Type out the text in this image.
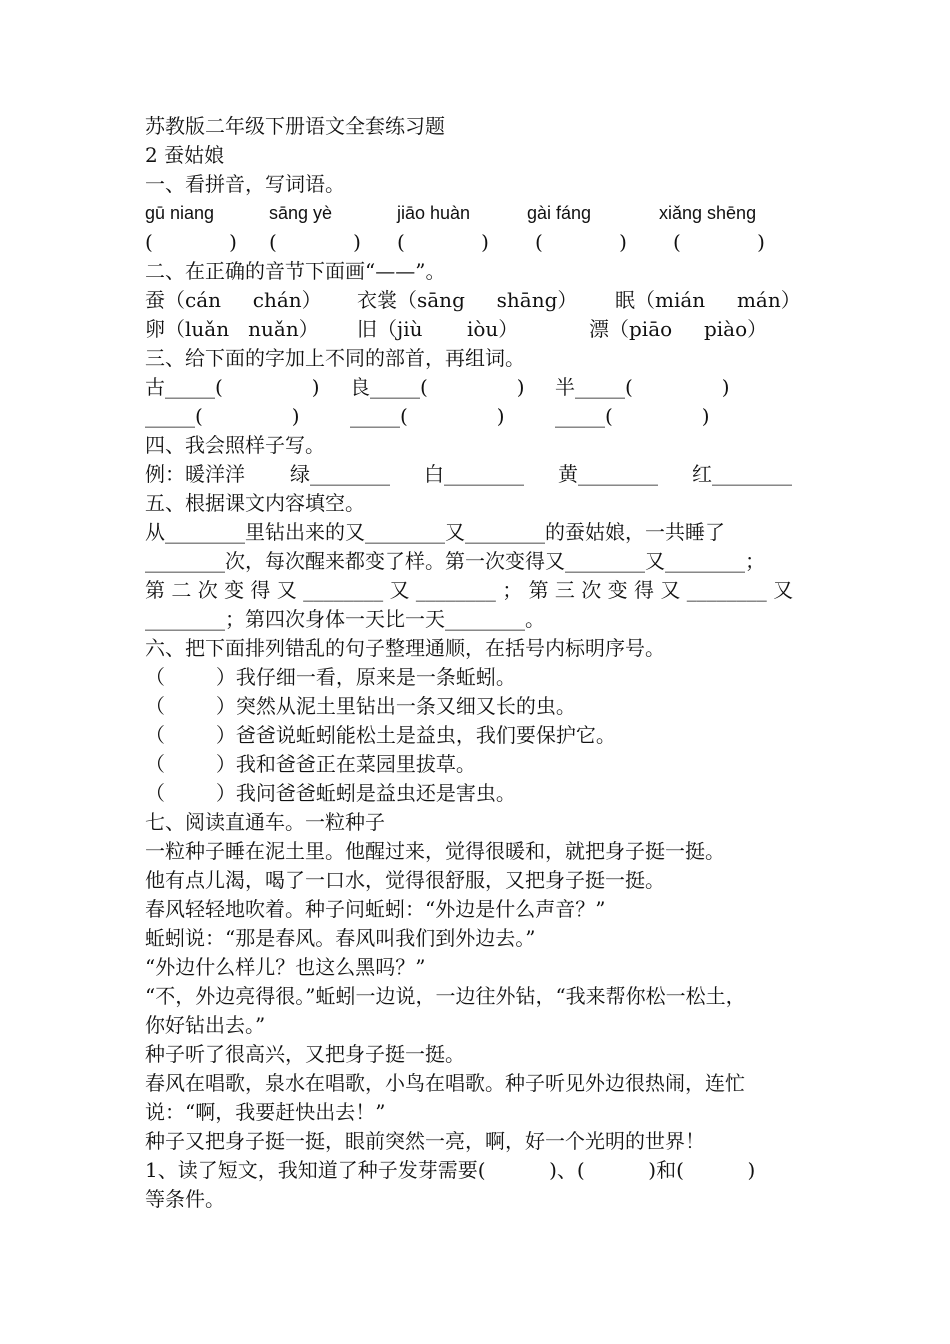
苏教版二年级下册语文全套练习题
2 蚕姑娘
一、看拼音，写词语。
gū niang	sāng yè	jiāo huàn	gài fáng	xiǎng shēng
(            )	(            )	(            )	(            )	(            )
二、在正确的音节下面画“——”。
蚕（cán     chán）	衣裳（sāng     shāng）	眠（mián     mán）
卵（luǎn   nuǎn）	旧（jiù       iòu）	漂（piāo     piào）
三、给下面的字加上不同的部首，再组词。
古_____(              )	良_____(              )	半_____(              )
_____(              )	_____(              )	_____(              )
四、我会照样子写。
例：暖洋洋	绿________	白________	黄________	红________
五、根据课文内容填空。
从________里钻出来的又________又________的蚕姑娘，一共睡了
________次，每次醒来都变了样。第一次变得又________又________；
第 二 次 变 得 又 ________ 又 ________ ； 第 三 次 变 得 又 ________ 又
________；第四次身体一天比一天________。
六、把下面排列错乱的句子整理通顺，在括号内标明序号。
（        ）我仔细一看，原来是一条蚯蚓。
（        ）突然从泥土里钻出一条又细又长的虫。
（        ）爸爸说蚯蚓能松土是益虫，我们要保护它。
（        ）我和爸爸正在菜园里拔草。
（        ）我问爸爸蚯蚓是益虫还是害虫。
七、阅读直通车。一粒种子
一粒种子睡在泥土里。他醒过来，觉得很暖和，就把身子挺一挺。
他有点儿渴，喝了一口水，觉得很舒服，又把身子挺一挺。
春风轻轻地吹着。种子问蚯蚓：“外边是什么声音？”
蚯蚓说：“那是春风。春风叫我们到外边去。”
“外边什么样儿？也这么黑吗？”
“不，外边亮得很。”蚯蚓一边说，一边往外钻，“我来帮你松一松土，
你好钻出去。”
种子听了很高兴，又把身子挺一挺。
春风在唱歌，泉水在唱歌，小鸟在唱歌。种子听见外边很热闹，连忙
说：“啊，我要赶快出去！”
种子又把身子挺一挺，眼前突然一亮，啊，好一个光明的世界！
1、读了短文，我知道了种子发芽需要(          )、(          )和(          )
等条件。
